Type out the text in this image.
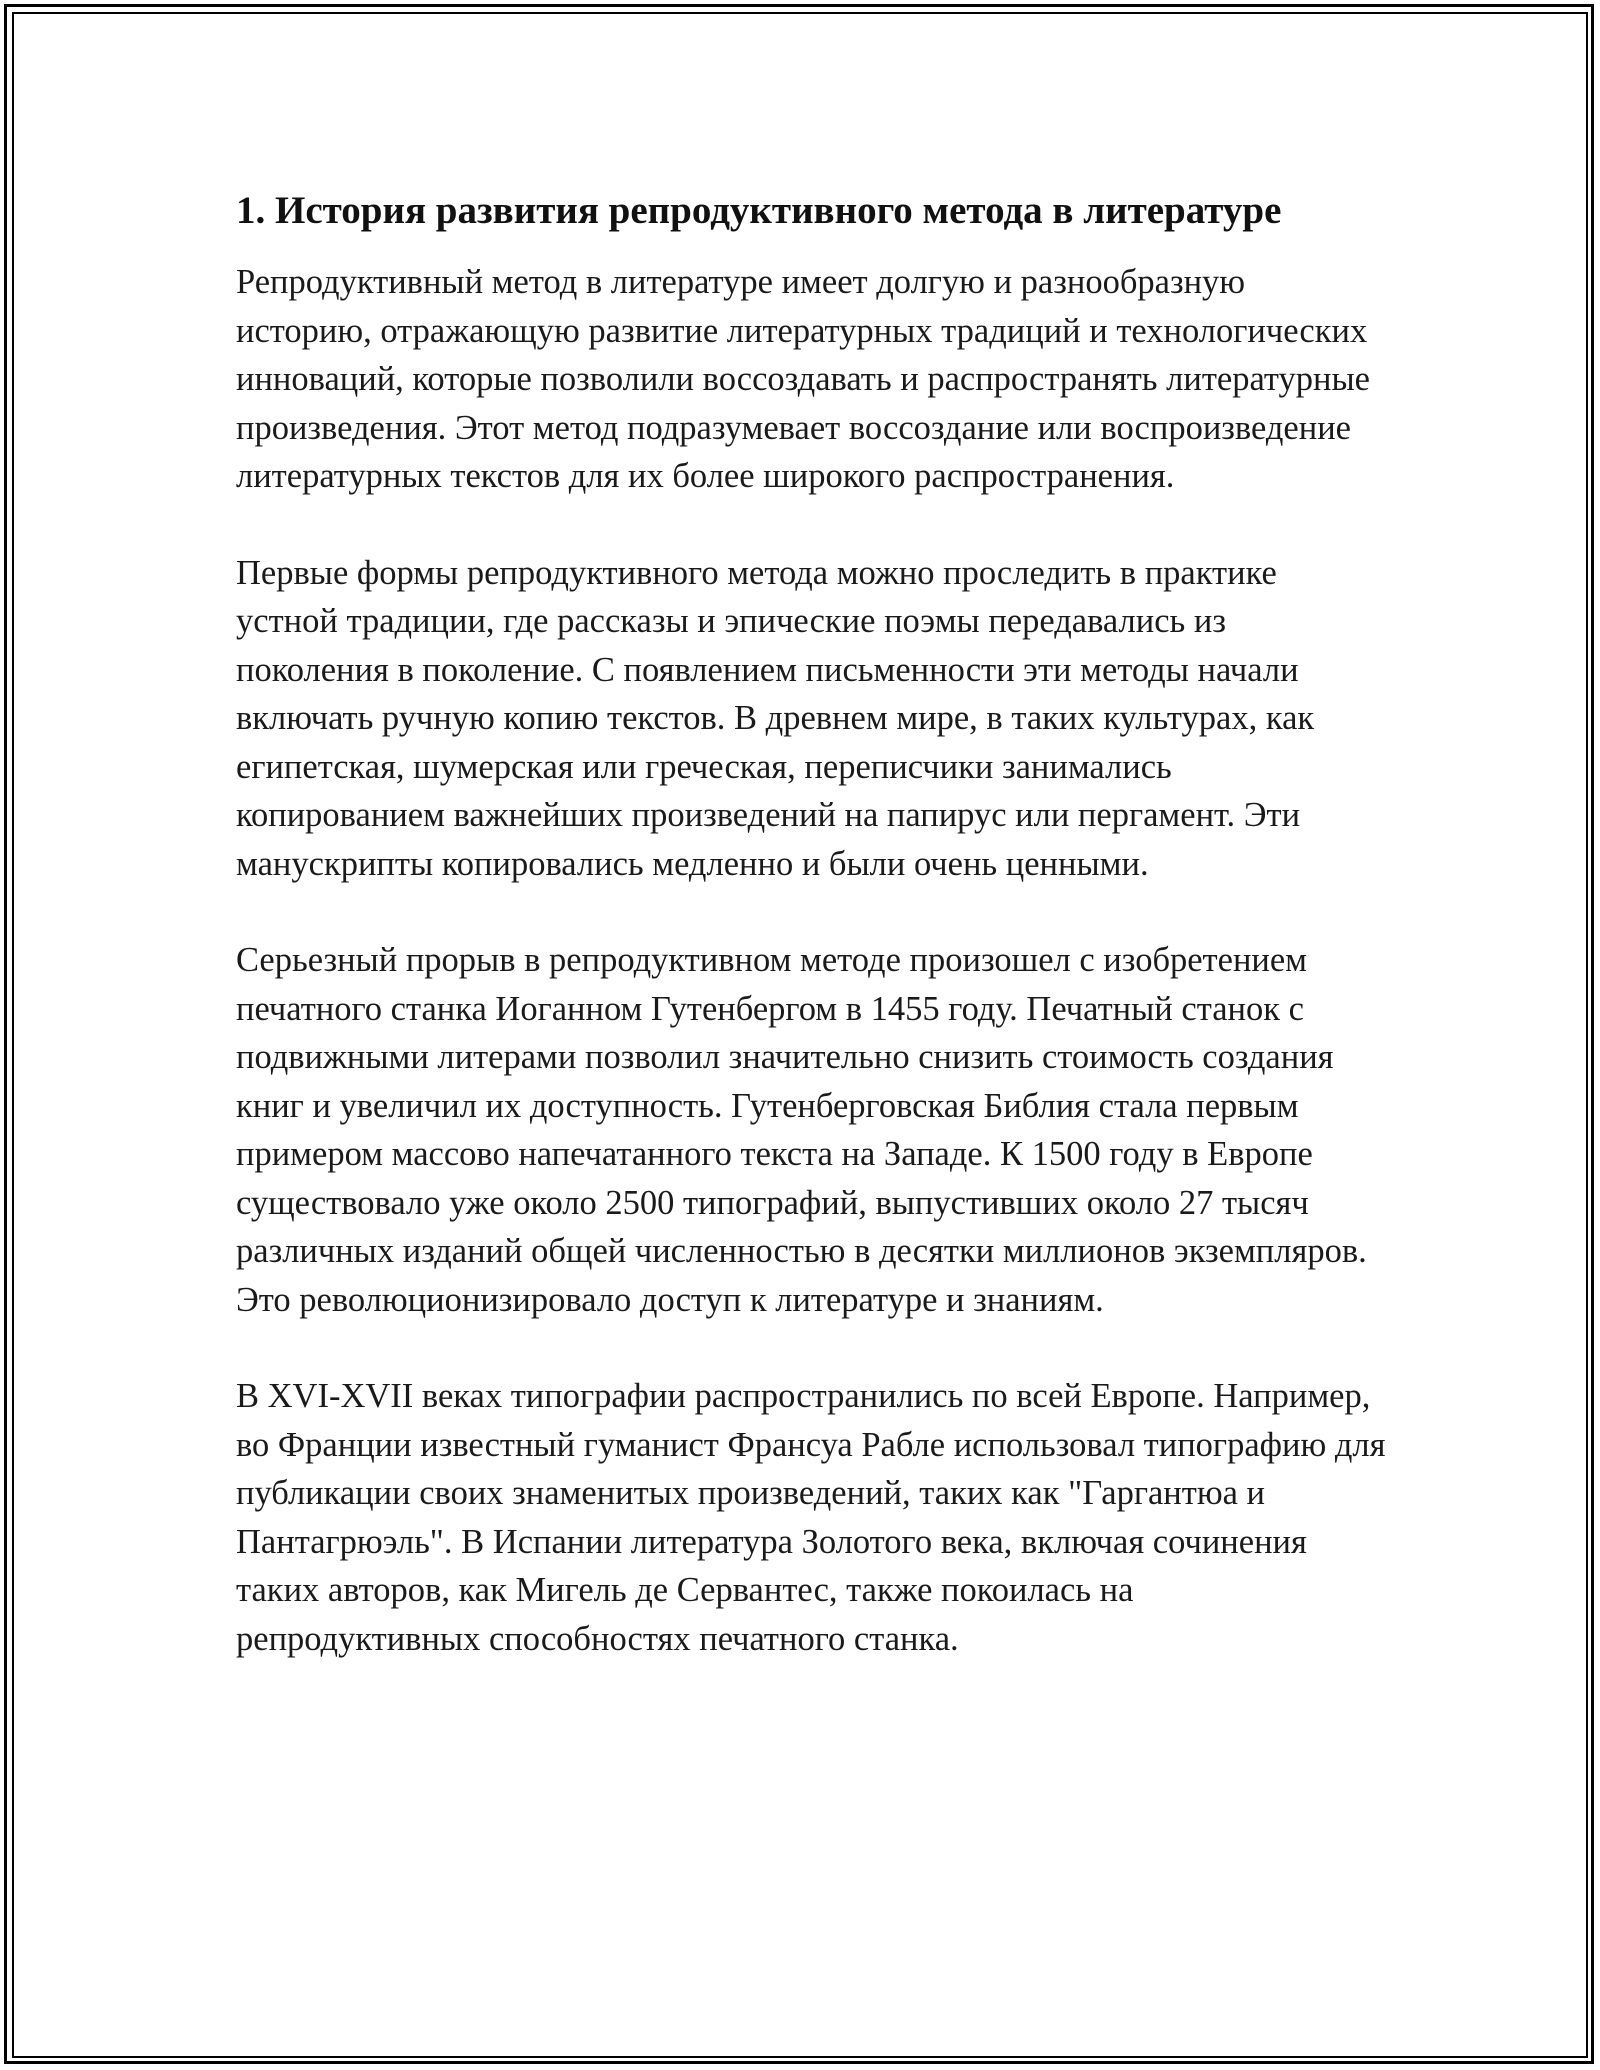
1. История развития репродуктивного метода в литературе

Репродуктивный метод в литературе имеет долгую и разнообразную историю, отражающую развитие литературных традиций и технологических инноваций, которые позволили воссоздавать и распространять литературные произведения. Этот метод подразумевает воссоздание или воспроизведение литературных текстов для их более широкого распространения.

Первые формы репродуктивного метода можно проследить в практике устной традиции, где рассказы и эпические поэмы передавались из поколения в поколение. С появлением письменности эти методы начали включать ручную копию текстов. В древнем мире, в таких культурах, как египетская, шумерская или греческая, переписчики занимались копированием важнейших произведений на папирус или пергамент. Эти манускрипты копировались медленно и были очень ценными.

Серьезный прорыв в репродуктивном методе произошел с изобретением печатного станка Иоганном Гутенбергом в 1455 году. Печатный станок с подвижными литерами позволил значительно снизить стоимость создания книг и увеличил их доступность. Гутенберговская Библия стала первым примером массово напечатанного текста на Западе. К 1500 году в Европе существовало уже около 2500 типографий, выпустивших около 27 тысяч различных изданий общей численностью в десятки миллионов экземпляров. Это революционизировало доступ к литературе и знаниям.

В XVI-XVII веках типографии распространились по всей Европе. Например, во Франции известный гуманист Франсуа Рабле использовал типографию для публикации своих знаменитых произведений, таких как "Гаргантюа и Пантагрюэль". В Испании литература Золотого века, включая сочинения таких авторов, как Мигель де Сервантес, также покоилась на репродуктивных способностях печатного станка.
